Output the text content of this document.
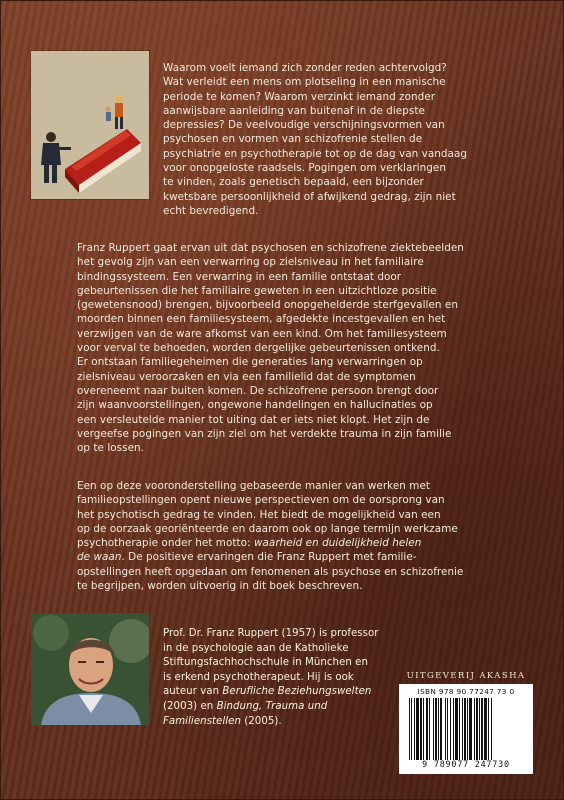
Waarom voelt iemand zich zonder reden achtervolgd?
Wat verleidt een mens om plotseling in een manische
periode te komen? Waarom verzinkt iemand zonder
aanwijsbare aanleiding van buitenaf in de diepste
depressies? De veelvoudige verschijningsvormen van
psychosen en vormen van schizofrenie stellen de
psychiatrie en psychotherapie tot op de dag van vandaag
voor onopgeloste raadsels. Pogingen om verklaringen
te vinden, zoals genetisch bepaald, een bijzonder
kwetsbare persoonlijkheid of afwijkend gedrag, zijn niet
echt bevredigend.

Franz Ruppert gaat ervan uit dat psychosen en schizofrene ziektebeelden
het gevolg zijn van een verwarring op zielsniveau in het familiaire
bindingssysteem. Een verwarring in een familie ontstaat door
gebeurtenissen die het familiaire geweten in een uitzichtloze positie
(gewetensnood) brengen, bijvoorbeeld onopgehelderde sterfgevallen en
moorden binnen een familiesysteem, afgedekte incestgevallen en het
verzwijgen van de ware afkomst van een kind. Om het familiesysteem
voor verval te behoeden, worden dergelijke gebeurtenissen ontkend.
Er ontstaan familiegeheimen die generaties lang verwarringen op
zielsniveau veroorzaken en via een familielid dat de symptomen
overeneemt naar buiten komen. De schizofrene persoon brengt door
zijn waanvoorstellingen, ongewone handelingen en hallucinaties op
een versleutelde manier tot uiting dat er iets niet klopt. Het zijn de
vergeefse pogingen van zijn ziel om het verdekte trauma in zijn familie
op te lossen.

Een op deze vooronderstelling gebaseerde manier van werken met
familieopstellingen opent nieuwe perspectieven om de oorsprong van
het psychotisch gedrag te vinden. Het biedt de mogelijkheid van een
op de oorzaak georiënteerde en daarom ook op lange termijn werkzame
psychotherapie onder het motto: waarheid en duidelijkheid helen
de waan. De positieve ervaringen die Franz Ruppert met familie-
opstellingen heeft opgedaan om fenomenen als psychose en schizofrenie
te begrijpen, worden uitvoerig in dit boek beschreven.

Prof. Dr. Franz Ruppert (1957) is professor
in de psychologie aan de Katholieke
Stiftungsfachhochschule in München en
is erkend psychotherapeut. Hij is ook
auteur van Berufliche Beziehungswelten
(2003) en Bindung, Trauma und
Familienstellen (2005).

UITGEVERIJ AKASHA
ISBN 978 90 77247 73 0
9 789077 247730
